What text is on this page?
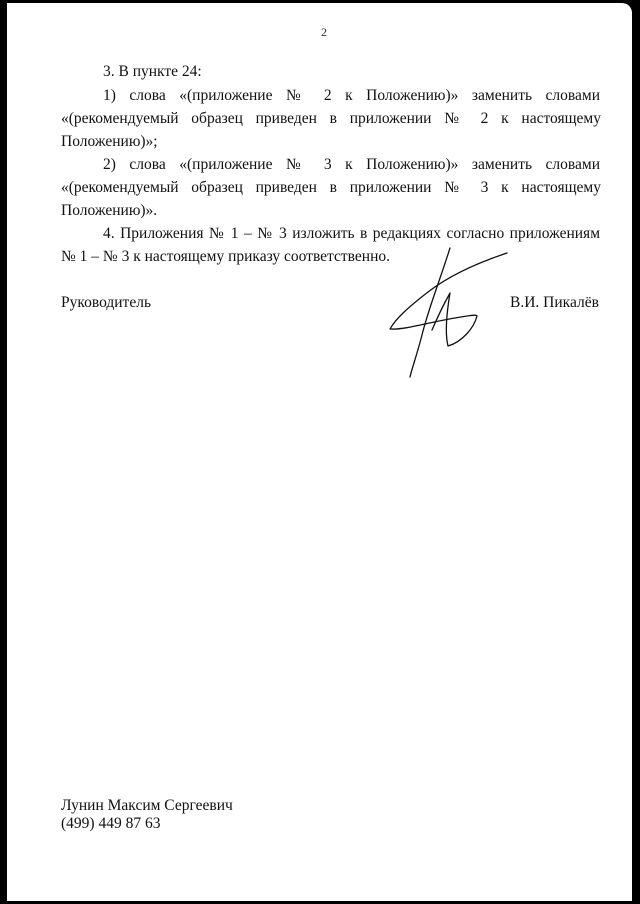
2
3. В пункте 24:
1) слова «(приложение № 2 к Положению)» заменить словами
«(рекомендуемый образец приведен в приложении № 2 к настоящему
Положению)»;
2) слова «(приложение № 3 к Положению)» заменить словами
«(рекомендуемый образец приведен в приложении № 3 к настоящему
Положению)».
4. Приложения № 1 – № 3 изложить в редакциях согласно приложениям
№ 1 – № 3 к настоящему приказу соответственно.
Руководитель	В.И. Пикалёв
Лунин Максим Сергеевич
(499) 449 87 63
